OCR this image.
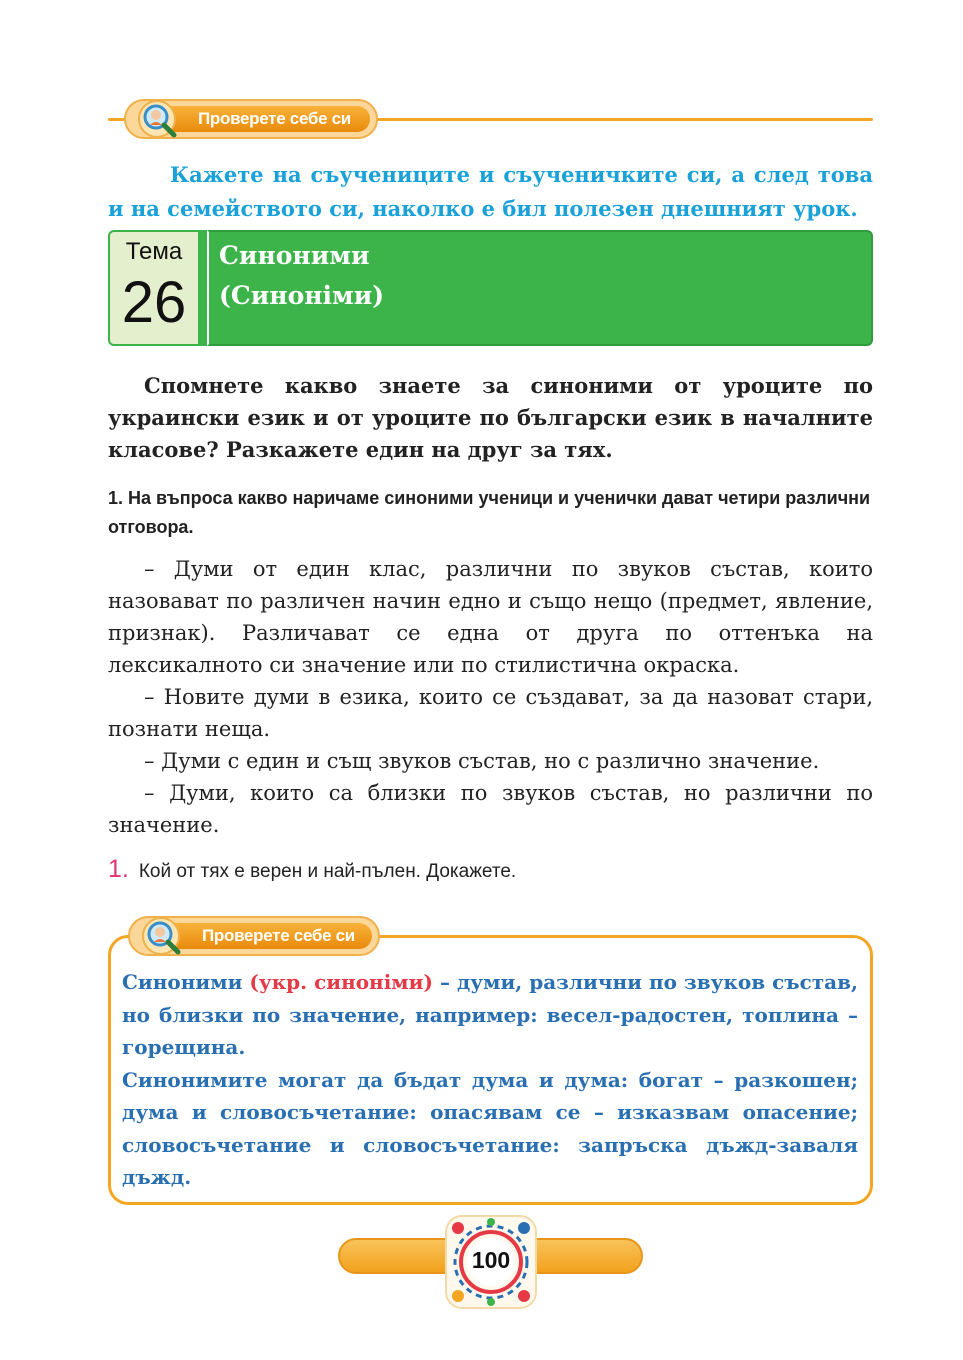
Проверете себе си
Кажете на съучениците и съученичките си, а след това и на семейството си, наколко е бил полезен днешният урок.
Тема
26
Синоними
(Синоніми)
Спомнете какво знаете за синоними от уроците по украински език и от уроците по български език в началните класове? Разкажете един на друг за тях.
1. На въпроса какво наричаме синоними ученици и ученички дават четири различни отговора.

– Думи от един клас, различни по звуков състав, които назовават по различен начин едно и също нещо (предмет, явление, признак). Различават се една от друга по оттенъка на лексикалното си значение или по стилистична окраска.

– Новите думи в езика, които се създават, за да назоват стари, познати неща.

– Думи с един и същ звуков състав, но с различно значение.

– Думи, които са близки по звуков състав, но различни по значение.

1. Кой от тях е верен и най-пълен. Докажете.
Проверете себе си

Синоними (укр. синоніми) – думи, различни по звуков състав, но близки по значение, например: весел-радостен, топлина – горещина.

Синонимите могат да бъдат дума и дума: богат – разкошен; дума и словосъчетание: опасявам се – изказвам опасение; словосъчетание и словосъчетание: запръска дъжд-заваля дъжд.

100
